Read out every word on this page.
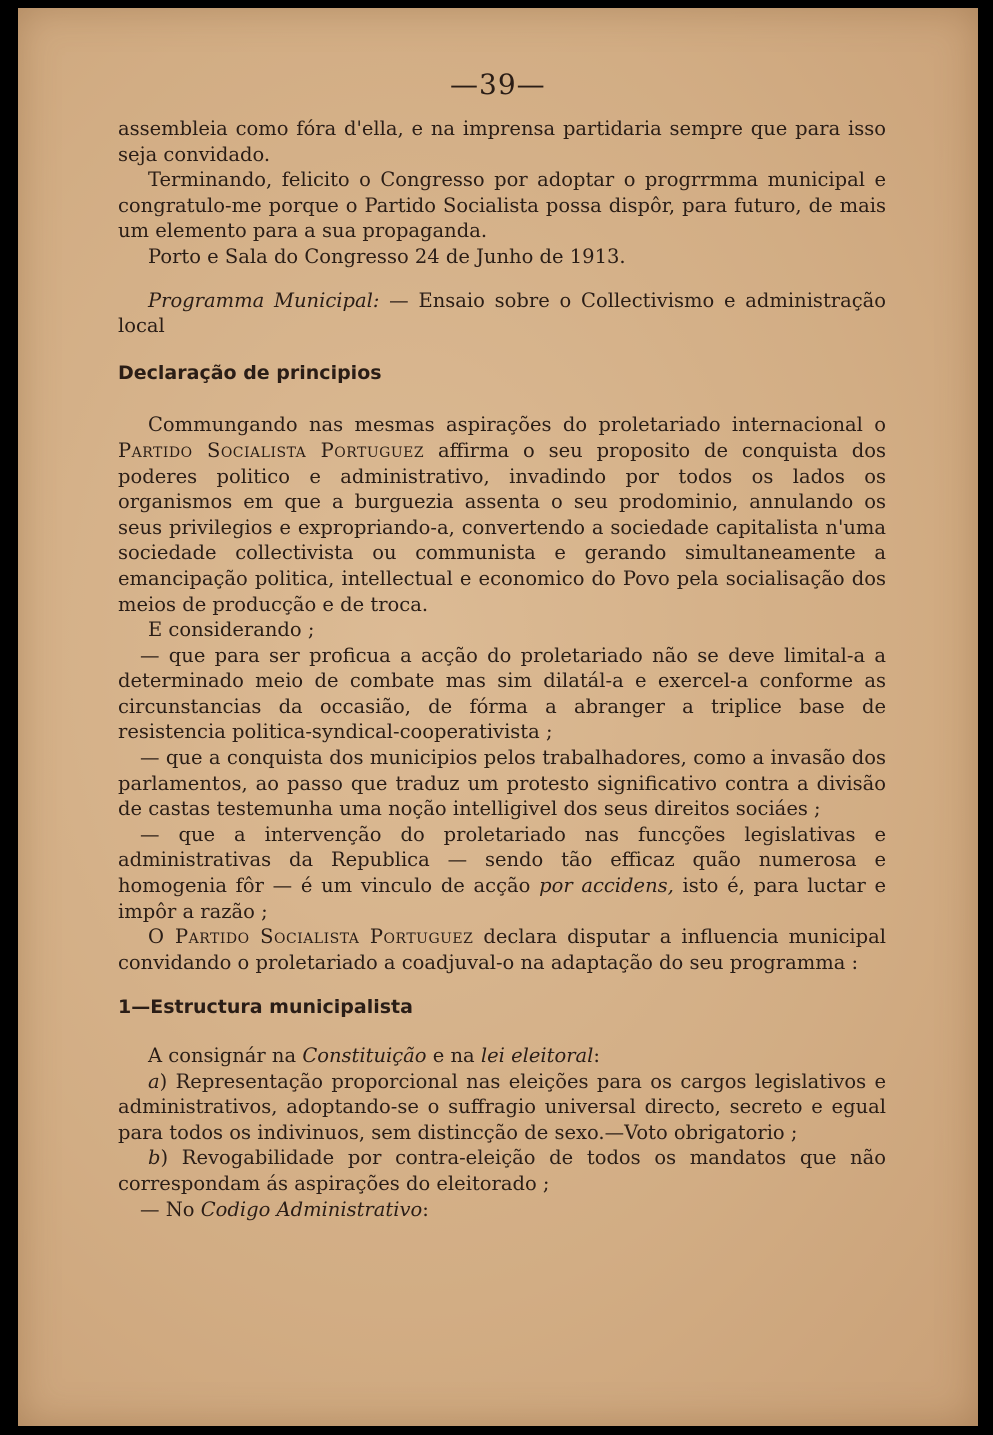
—39—

assembleia como fóra d'ella, e na imprensa partidaria sempre que para isso seja convidado.

Terminando, felicito o Congresso por adoptar o progrrmma municipal e congratulo-me porque o Partido Socialista possa dispôr, para futuro, de mais um elemento para a sua propaganda.

Porto e Sala do Congresso 24 de Junho de 1913.

Programma Municipal: — Ensaio sobre o Collectivismo e administração local

Declaração de principios

Commungando nas mesmas aspirações do proletariado internacional o Partido Socialista Portuguez affirma o seu proposito de conquista dos poderes politico e administrativo, invadindo por todos os lados os organismos em que a burguezia assenta o seu prodominio, annulando os seus privilegios e expropriando-a, convertendo a sociedade capitalista n'uma sociedade collectivista ou communista e gerando simultaneamente a emancipação politica, intellectual e economico do Povo pela socialisação dos meios de producção e de troca.

E considerando ;

— que para ser proficua a acção do proletariado não se deve limital-a a determinado meio de combate mas sim dilatál-a e exercel-a conforme as circunstancias da occasião, de fórma a abranger a triplice base de resistencia politica-syndical-cooperativista ;

— que a conquista dos municipios pelos trabalhadores, como a invasão dos parlamentos, ao passo que traduz um protesto significativo contra a divisão de castas testemunha uma noção intelligivel dos seus direitos sociáes ;

— que a intervenção do proletariado nas funcções legislativas e administrativas da Republica — sendo tão efficaz quão numerosa e homogenia fôr — é um vinculo de acção por accidens, isto é, para luctar e impôr a razão ;

O Partido Socialista Portuguez declara disputar a influencia municipal convidando o proletariado a coadjuval-o na adaptação do seu programma :

1—Estructura municipalista

A consignár na Constituição e na lei eleitoral:

a) Representação proporcional nas eleições para os cargos legislativos e administrativos, adoptando-se o suffragio universal directo, secreto e egual para todos os indivinuos, sem distincção de sexo.—Voto obrigatorio ;

b) Revogabilidade por contra-eleição de todos os mandatos que não correspondam ás aspirações do eleitorado ;

— No Codigo Administrativo:
